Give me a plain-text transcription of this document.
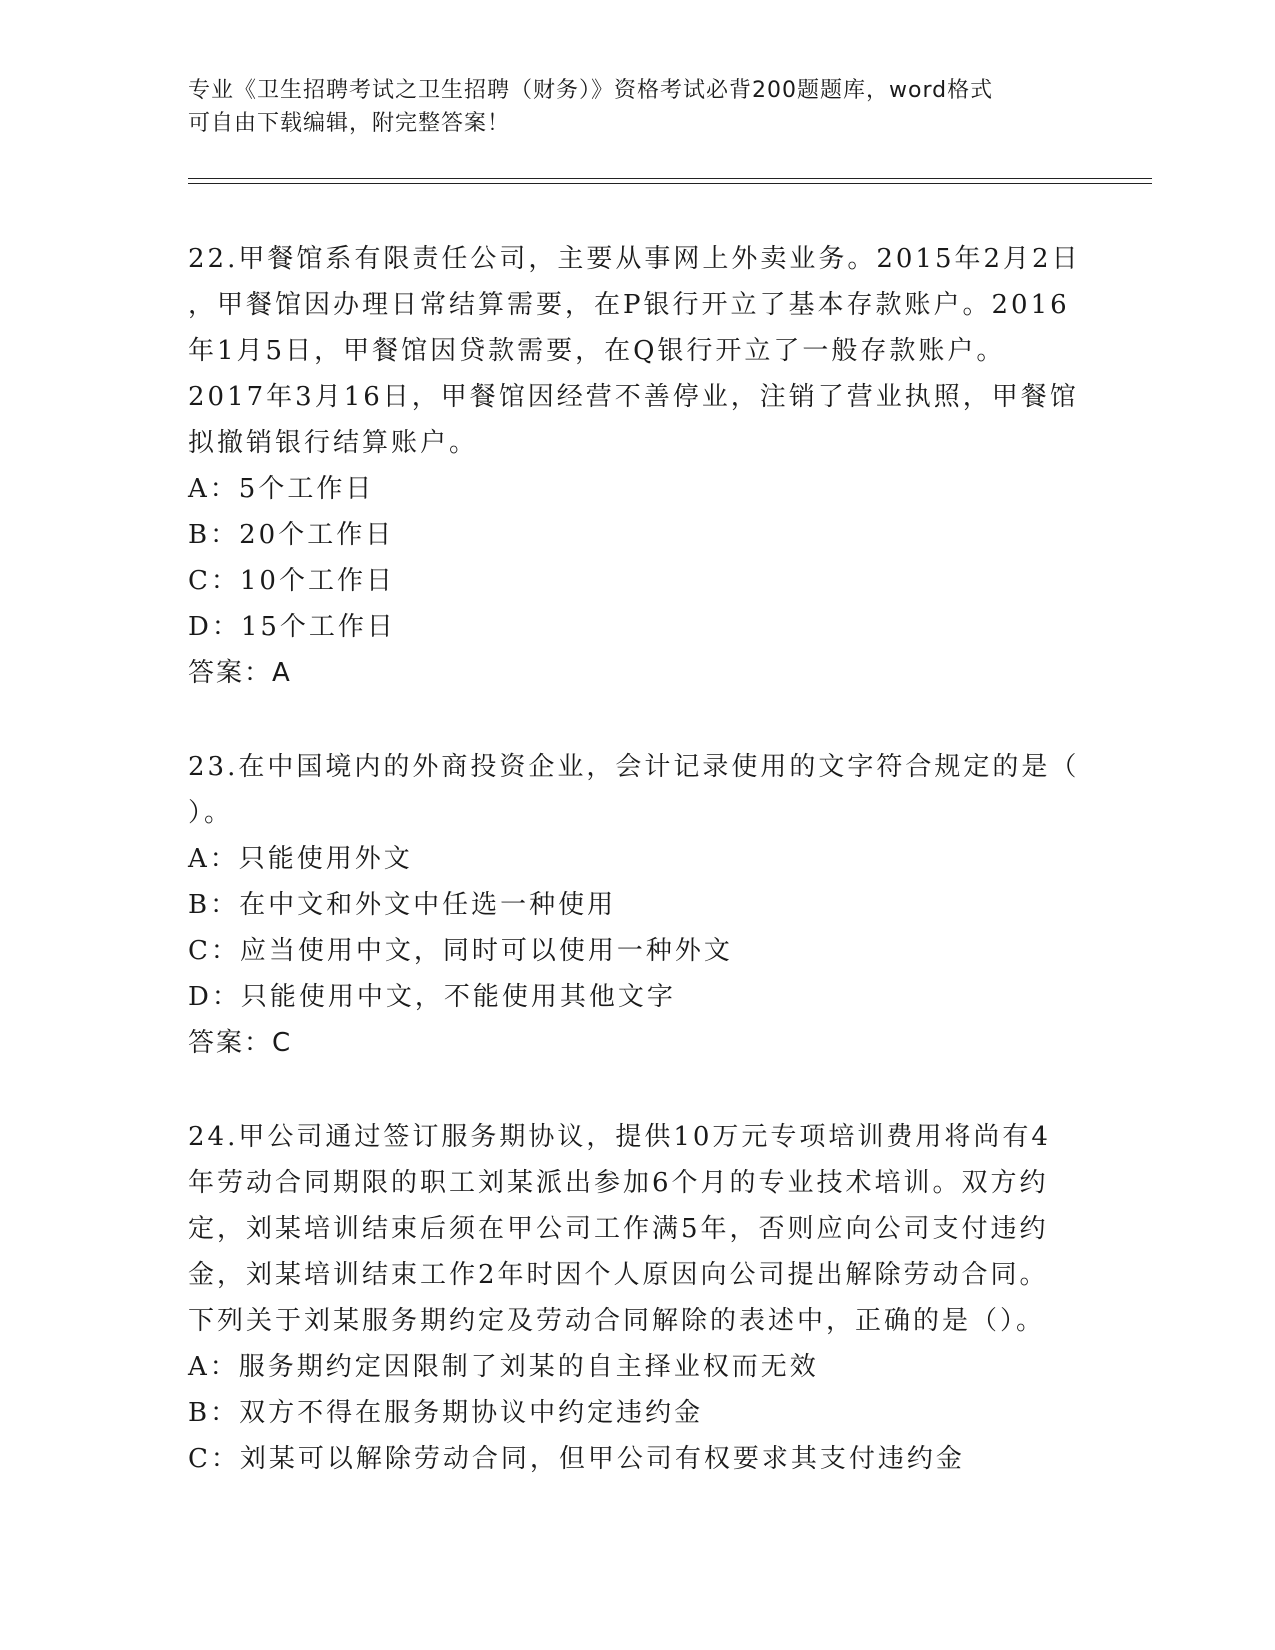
专业《卫生招聘考试之卫生招聘（财务）》资格考试必背200题题库，word格式
可自由下载编辑，附完整答案！
22.甲餐馆系有限责任公司，主要从事网上外卖业务。2015年2月2日
，甲餐馆因办理日常结算需要，在P银行开立了基本存款账户。2016
年1月5日，甲餐馆因贷款需要，在Q银行开立了一般存款账户。
2017年3月16日，甲餐馆因经营不善停业，注销了营业执照，甲餐馆
拟撤销银行结算账户。
A：5个工作日
B：20个工作日
C：10个工作日
D：15个工作日
答案：A
23.在中国境内的外商投资企业，会计记录使用的文字符合规定的是（
）。
A：只能使用外文
B：在中文和外文中任选一种使用
C：应当使用中文，同时可以使用一种外文
D：只能使用中文，不能使用其他文字
答案：C
24.甲公司通过签订服务期协议，提供10万元专项培训费用将尚有4
年劳动合同期限的职工刘某派出参加6个月的专业技术培训。双方约
定，刘某培训结束后须在甲公司工作满5年，否则应向公司支付违约
金，刘某培训结束工作2年时因个人原因向公司提出解除劳动合同。
下列关于刘某服务期约定及劳动合同解除的表述中，正确的是（）。
A：服务期约定因限制了刘某的自主择业权而无效
B：双方不得在服务期协议中约定违约金
C：刘某可以解除劳动合同，但甲公司有权要求其支付违约金
